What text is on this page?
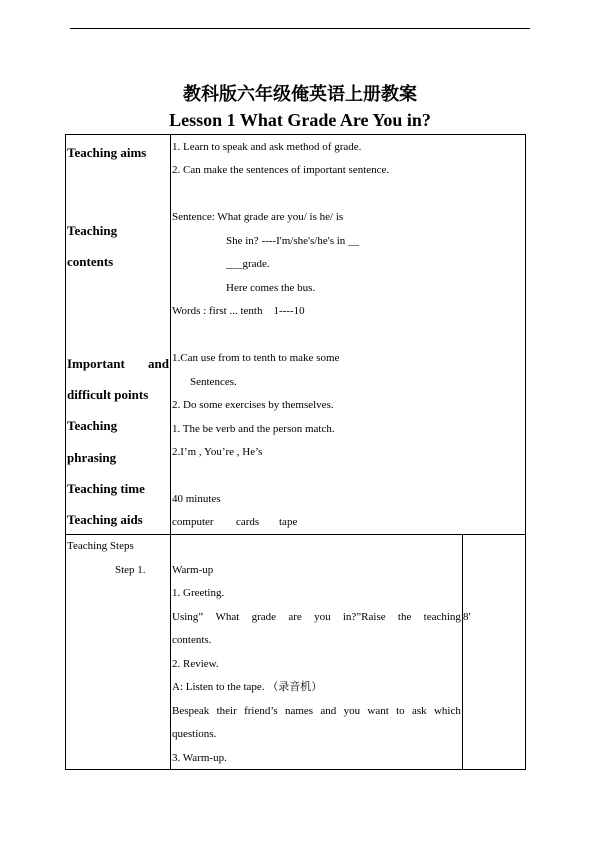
教科版六年级俺英语上册教案
Lesson 1 What Grade Are You in?
Teaching aims
Teaching
contents
Important and
difficult points
Teaching
phrasing
Teaching time
Teaching aids
1. Learn to speak and ask method of grade.
2. Can make the sentences of important sentence.
Sentence: What grade are you/ is he/ is
She in? ----I'm/she's/he's in __
___grade.
Here comes the bus.
Words : first ... tenth    1----10
1.Can use from to tenth to make some
Sentences.
2. Do some exercises by themselves.
1. The be verb and the person match.
2.I’m , You’re , He’s
40 minutes
computer cards tape
Teaching Steps
Step 1. Warm-up
1. Greeting.
Using” What grade are you in?”Raise the teaching 8'
contents.
2. Review.
A: Listen to the tape. （录音机）
Bespeak their friend’s names and you want to ask which
questions.
3. Warm-up.
